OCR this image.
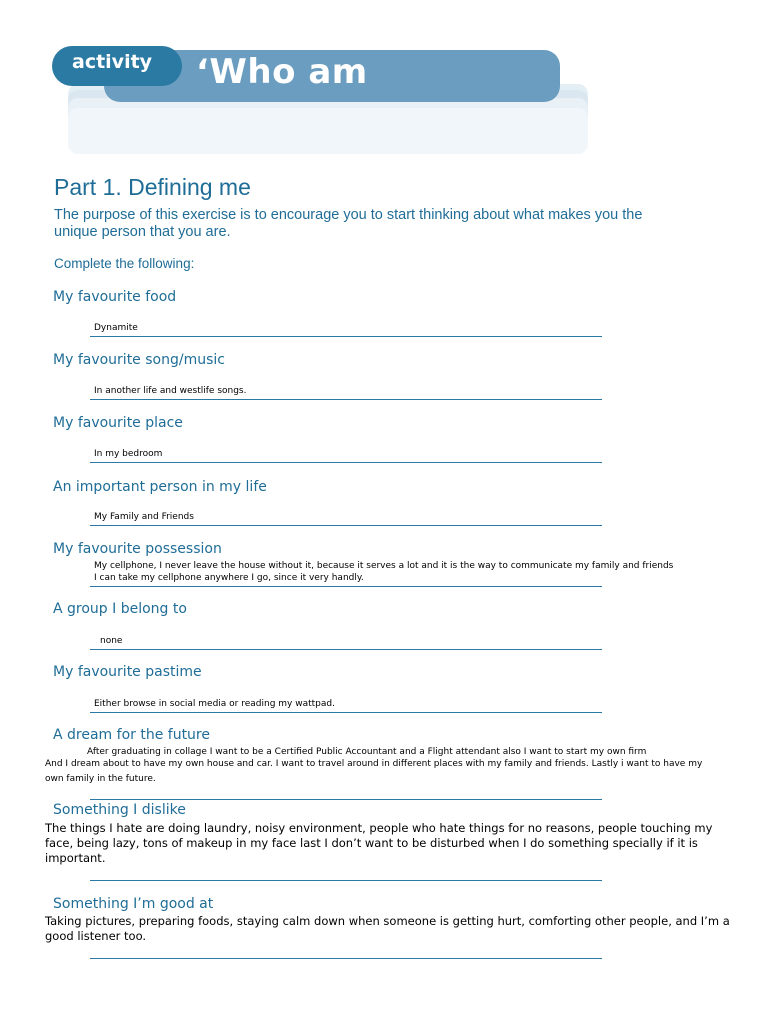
‘Who am
activity
Part 1. Defining me
The purpose of this exercise is to encourage you to start thinking about what makes you the unique person that you are.
Complete the following:
My favourite food
Dynamite
My favourite song/music
In another life and westlife songs.
My favourite place
In my bedroom
An important person in my life
My Family and Friends
My favourite possession
My cellphone, I never leave the house without it, because it serves a lot and it is the way to communicate my family and friends
I can take my cellphone anywhere I go, since it very handly.
A group I belong to
none
My favourite pastime
Either browse in social media or reading my wattpad.
A dream for the future
After graduating in collage I want to be a Certified Public Accountant and a Flight attendant also I want to start my own firm
And I dream about to have my own house and car. I want to travel around in different places with my family and friends. Lastly i want to have my
own family in the future.
Something I dislike
The things I hate are doing laundry, noisy environment, people who hate things for no reasons, people touching my face, being lazy, tons of makeup in my face last I don’t want to be disturbed when I do something specially if it is important.
Something I’m good at
Taking pictures, preparing foods, staying calm down when someone is getting hurt, comforting other people, and I’m a good listener too.
